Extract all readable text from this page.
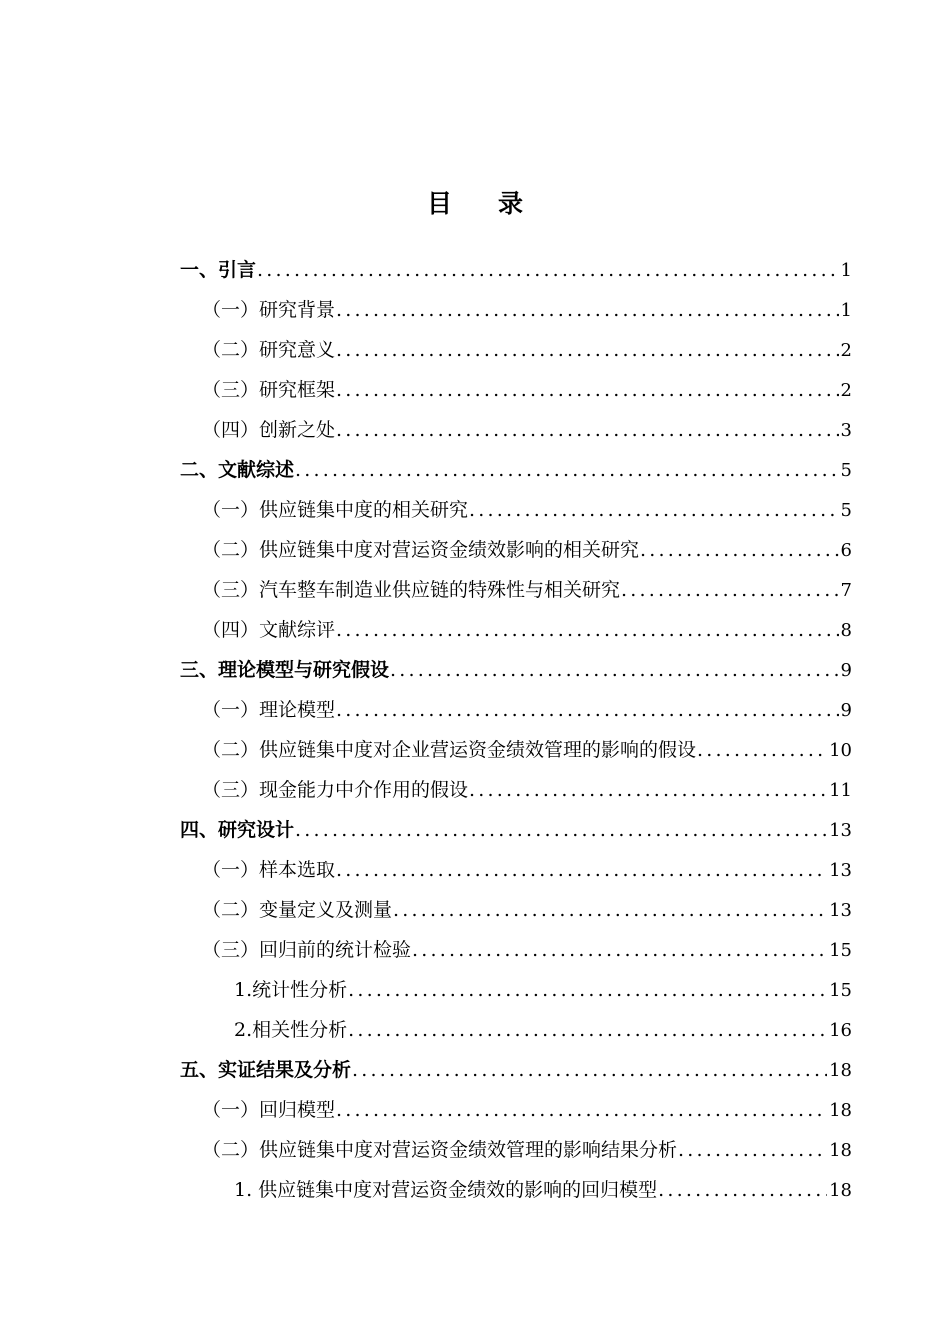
目 录
一、引言 .....	1
（一）研究背景 .....	1
（二）研究意义 .....	2
（三）研究框架 .....	2
（四）创新之处 .....	3
二、文献综述 .....	5
（一）供应链集中度的相关研究 .....	5
（二）供应链集中度对营运资金绩效影响的相关研究 .....	6
（三）汽车整车制造业供应链的特殊性与相关研究 .....	7
（四）文献综评 .....	8
三、理论模型与研究假设 .....	9
（一）理论模型 .....	9
（二）供应链集中度对企业营运资金绩效管理的影响的假设 .....	10
（三）现金能力中介作用的假设 .....	11
四、研究设计 .....	13
（一）样本选取 .....	13
（二）变量定义及测量 .....	13
（三）回归前的统计检验 .....	15
1.统计性分析 .....	15
2.相关性分析 .....	16
五、实证结果及分析 .....	18
（一）回归模型 .....	18
（二）供应链集中度对营运资金绩效管理的影响结果分析 .....	18
1. 供应链集中度对营运资金绩效的影响的回归模型 .....	18
